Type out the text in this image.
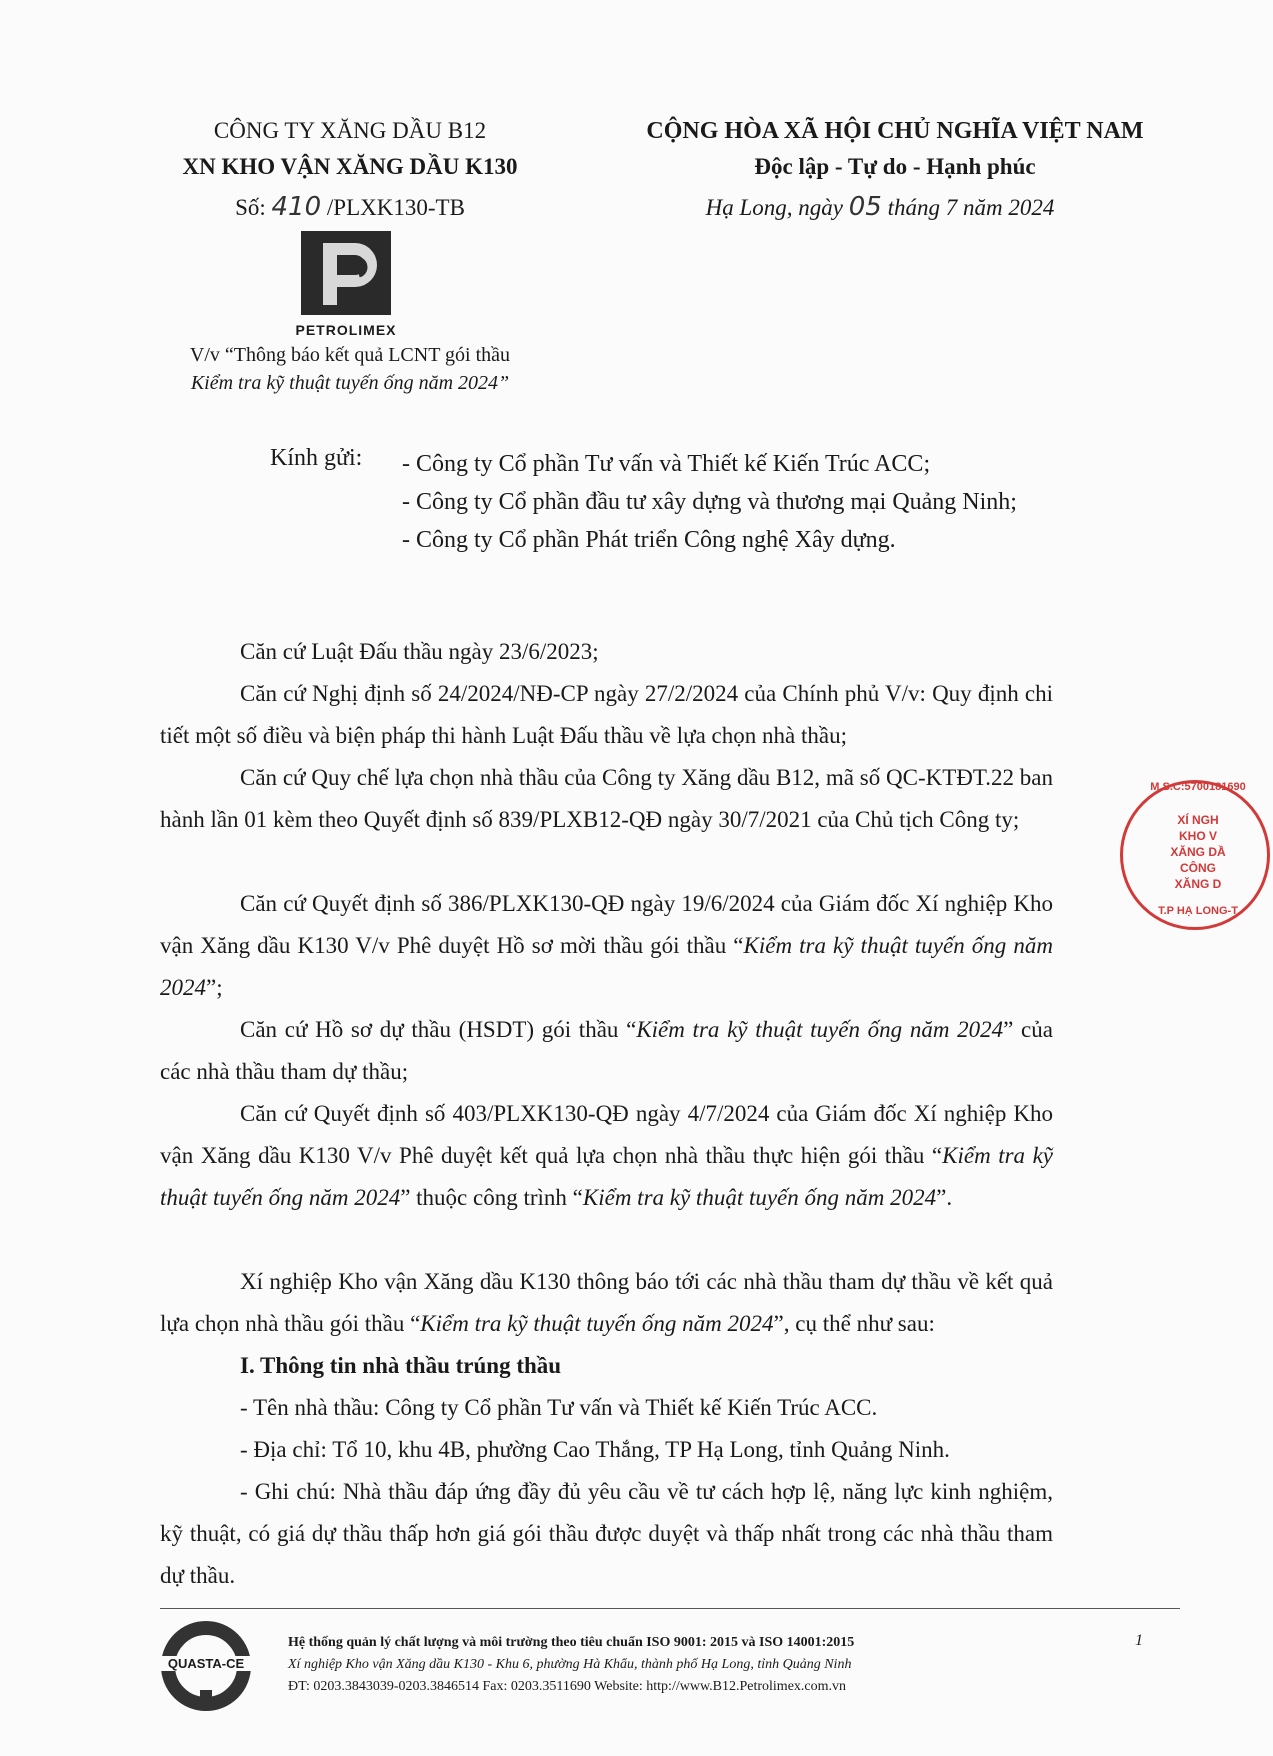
CÔNG TY XĂNG DẦU B12
XN KHO VẬN XĂNG DẦU K130
Số: 410 /PLXK130-TB
PETROLIMEX
V/v “Thông báo kết quả LCNT gói thầu
Kiểm tra kỹ thuật tuyến ống năm 2024”
CỘNG HÒA XÃ HỘI CHỦ NGHĨA VIỆT NAM
Độc lập - Tự do - Hạnh phúc
Hạ Long, ngày 05 tháng 7 năm 2024
Kính gửi: - Công ty Cổ phần Tư vấn và Thiết kế Kiến Trúc ACC;
- Công ty Cổ phần đầu tư xây dựng và thương mại Quảng Ninh;
- Công ty Cổ phần Phát triển Công nghệ Xây dựng.
Căn cứ Luật Đấu thầu ngày 23/6/2023;
Căn cứ Nghị định số 24/2024/NĐ-CP ngày 27/2/2024 của Chính phủ V/v: Quy định chi tiết một số điều và biện pháp thi hành Luật Đấu thầu về lựa chọn nhà thầu;
Căn cứ Quy chế lựa chọn nhà thầu của Công ty Xăng dầu B12, mã số QC-KTĐT.22 ban hành lần 01 kèm theo Quyết định số 839/PLXB12-QĐ ngày 30/7/2021 của Chủ tịch Công ty;
Căn cứ Quyết định số 386/PLXK130-QĐ ngày 19/6/2024 của Giám đốc Xí nghiệp Kho vận Xăng dầu K130 V/v Phê duyệt Hồ sơ mời thầu gói thầu “Kiểm tra kỹ thuật tuyến ống năm 2024”;
Căn cứ Hồ sơ dự thầu (HSDT) gói thầu “Kiểm tra kỹ thuật tuyến ống năm 2024” của các nhà thầu tham dự thầu;
Căn cứ Quyết định số 403/PLXK130-QĐ ngày 4/7/2024 của Giám đốc Xí nghiệp Kho vận Xăng dầu K130 V/v Phê duyệt kết quả lựa chọn nhà thầu thực hiện gói thầu “Kiểm tra kỹ thuật tuyến ống năm 2024” thuộc công trình “Kiểm tra kỹ thuật tuyến ống năm 2024”.
Xí nghiệp Kho vận Xăng dầu K130 thông báo tới các nhà thầu tham dự thầu về kết quả lựa chọn nhà thầu gói thầu “Kiểm tra kỹ thuật tuyến ống năm 2024”, cụ thể như sau:
I. Thông tin nhà thầu trúng thầu
- Tên nhà thầu: Công ty Cổ phần Tư vấn và Thiết kế Kiến Trúc ACC.
- Địa chỉ: Tổ 10, khu 4B, phường Cao Thắng, TP Hạ Long, tỉnh Quảng Ninh.
- Ghi chú: Nhà thầu đáp ứng đầy đủ yêu cầu về tư cách hợp lệ, năng lực kinh nghiệm, kỹ thuật, có giá dự thầu thấp hơn giá gói thầu được duyệt và thấp nhất trong các nhà thầu tham dự thầu.
M.S.C:5700181690
XÍ NGH
KHO V
XĂNG DẦ
CÔNG
XĂNG D
T.P HẠ LONG-T
QUASTA-CE
Hệ thống quản lý chất lượng và môi trường theo tiêu chuẩn ISO 9001: 2015 và ISO 14001:2015
Xí nghiệp Kho vận Xăng dầu K130 - Khu 6, phường Hà Khẩu, thành phố Hạ Long, tỉnh Quảng Ninh
ĐT: 0203.3843039-0203.3846514 Fax: 0203.3511690 Website: http://www.B12.Petrolimex.com.vn
1
